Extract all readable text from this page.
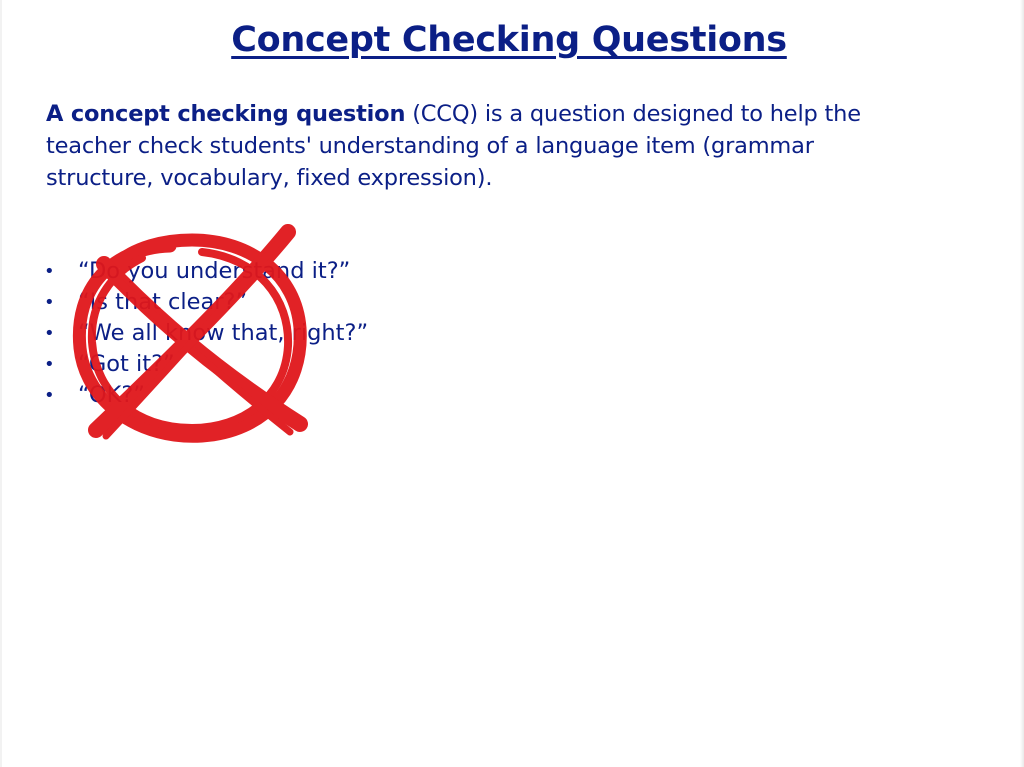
Concept Checking Questions

A concept checking question (CCQ) is a question designed to help the
teacher check students' understanding of a language item (grammar
structure, vocabulary, fixed expression).

• “Do you understand it?”
• “Is that clear?”
• “We all know that, right?”
• “Got it?”
• “OK?”
